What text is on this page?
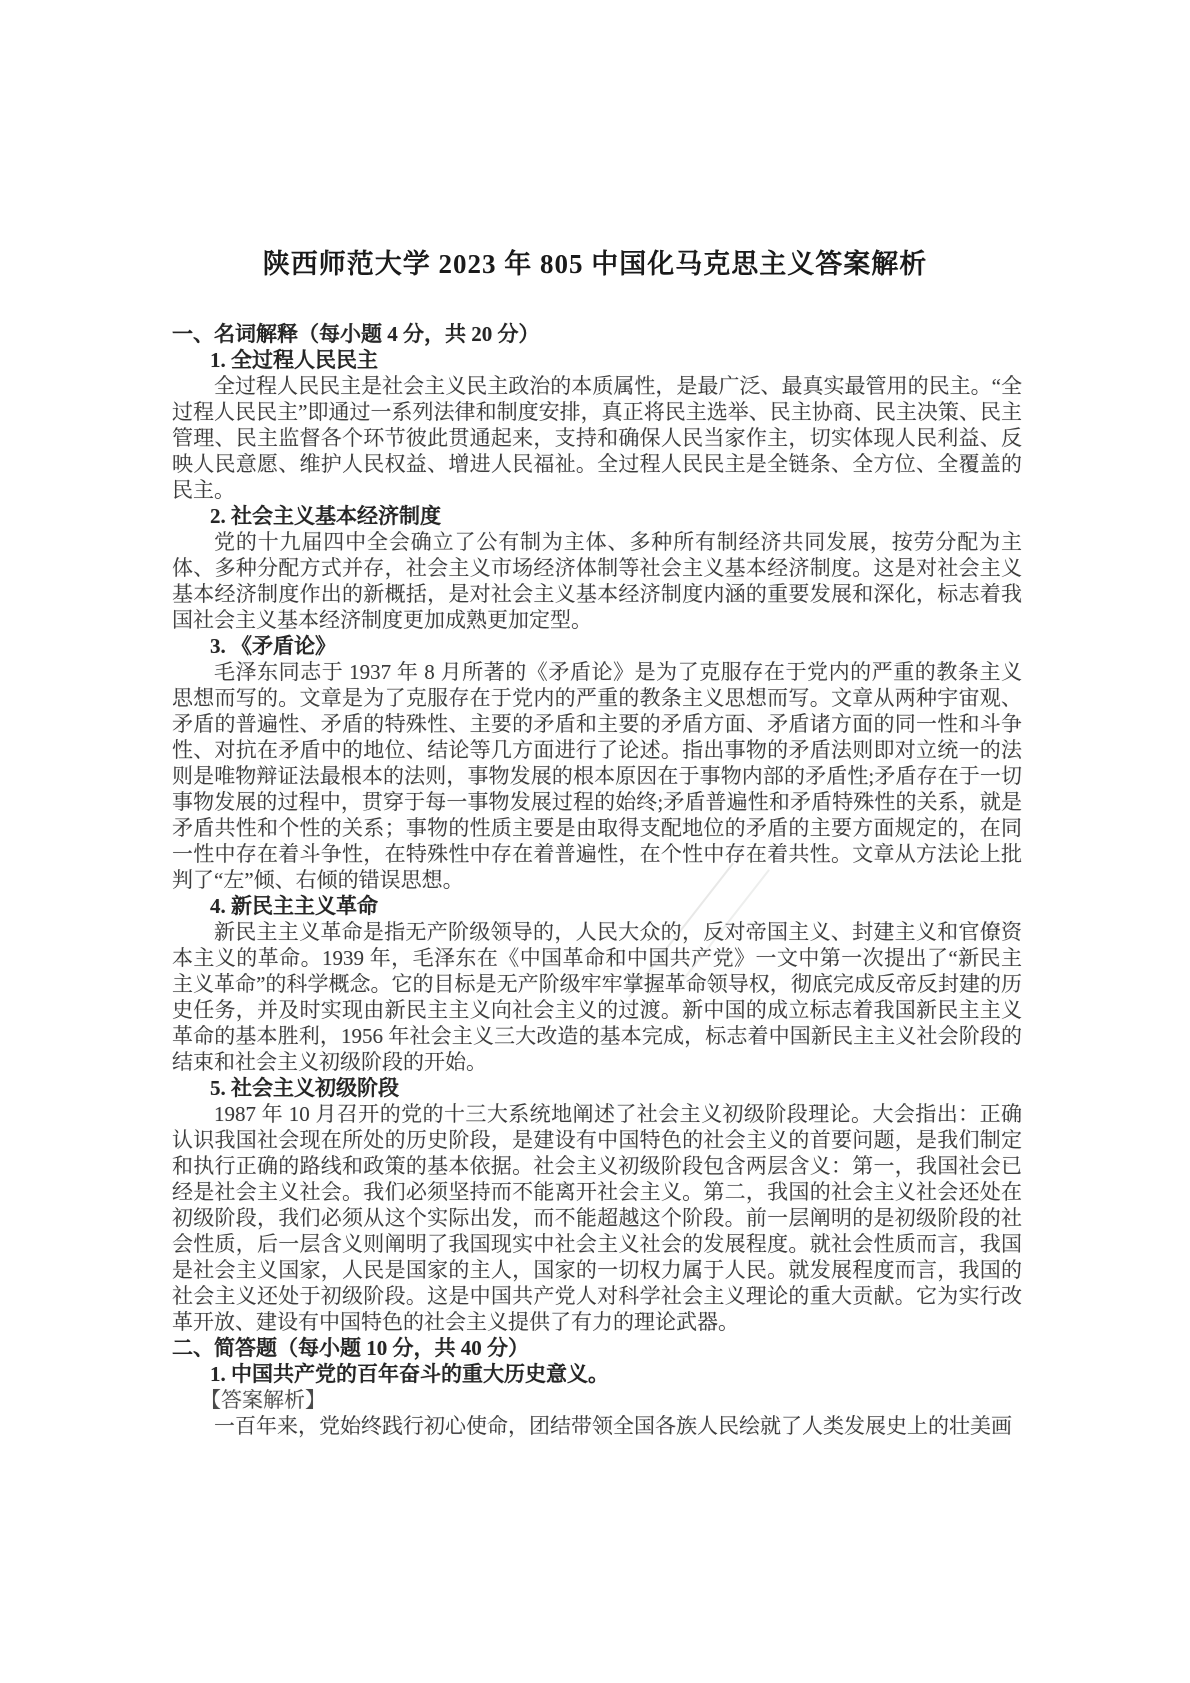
陕西师范大学 2023 年 805 中国化马克思主义答案解析
一、名词解释（每小题 4 分，共 20 分）
1. 全过程人民民主

全过程人民民主是社会主义民主政治的本质属性，是最广泛、最真实最管用的民主。“全过程人民民主”即通过一系列法律和制度安排，真正将民主选举、民主协商、民主决策、民主管理、民主监督各个环节彼此贯通起来，支持和确保人民当家作主，切实体现人民利益、反映人民意愿、维护人民权益、增进人民福祉。全过程人民民主是全链条、全方位、全覆盖的民主。

2. 社会主义基本经济制度

党的十九届四中全会确立了公有制为主体、多种所有制经济共同发展，按劳分配为主体、多种分配方式并存，社会主义市场经济体制等社会主义基本经济制度。这是对社会主义基本经济制度作出的新概括，是对社会主义基本经济制度内涵的重要发展和深化，标志着我国社会主义基本经济制度更加成熟更加定型。

3. 《矛盾论》

毛泽东同志于 1937 年 8 月所著的《矛盾论》是为了克服存在于党内的严重的教条主义思想而写的。文章是为了克服存在于党内的严重的教条主义思想而写。文章从两种宇宙观、矛盾的普遍性、矛盾的特殊性、主要的矛盾和主要的矛盾方面、矛盾诸方面的同一性和斗争性、对抗在矛盾中的地位、结论等几方面进行了论述。指出事物的矛盾法则即对立统一的法则是唯物辩证法最根本的法则，事物发展的根本原因在于事物内部的矛盾性;矛盾存在于一切事物发展的过程中，贯穿于每一事物发展过程的始终;矛盾普遍性和矛盾特殊性的关系，就是矛盾共性和个性的关系；事物的性质主要是由取得支配地位的矛盾的主要方面规定的，在同一性中存在着斗争性，在特殊性中存在着普遍性，在个性中存在着共性。文章从方法论上批判了“左”倾、右倾的错误思想。

4. 新民主主义革命

新民主主义革命是指无产阶级领导的，人民大众的，反对帝国主义、封建主义和官僚资本主义的革命。1939 年，毛泽东在《中国革命和中国共产党》一文中第一次提出了“新民主主义革命”的科学概念。它的目标是无产阶级牢牢掌握革命领导权，彻底完成反帝反封建的历史任务，并及时实现由新民主主义向社会主义的过渡。新中国的成立标志着我国新民主主义革命的基本胜利，1956 年社会主义三大改造的基本完成，标志着中国新民主主义社会阶段的结束和社会主义初级阶段的开始。

5. 社会主义初级阶段

1987 年 10 月召开的党的十三大系统地阐述了社会主义初级阶段理论。大会指出：正确认识我国社会现在所处的历史阶段，是建设有中国特色的社会主义的首要问题，是我们制定和执行正确的路线和政策的基本依据。社会主义初级阶段包含两层含义：第一，我国社会已经是社会主义社会。我们必须坚持而不能离开社会主义。第二，我国的社会主义社会还处在初级阶段，我们必须从这个实际出发，而不能超越这个阶段。前一层阐明的是初级阶段的社会性质，后一层含义则阐明了我国现实中社会主义社会的发展程度。就社会性质而言，我国是社会主义国家，人民是国家的主人，国家的一切权力属于人民。就发展程度而言，我国的社会主义还处于初级阶段。这是中国共产党人对科学社会主义理论的重大贡献。它为实行改革开放、建设有中国特色的社会主义提供了有力的理论武器。

二、简答题（每小题 10 分，共 40 分）
1. 中国共产党的百年奋斗的重大历史意义。

【答案解析】

一百年来，党始终践行初心使命，团结带领全国各族人民绘就了人类发展史上的壮美画
